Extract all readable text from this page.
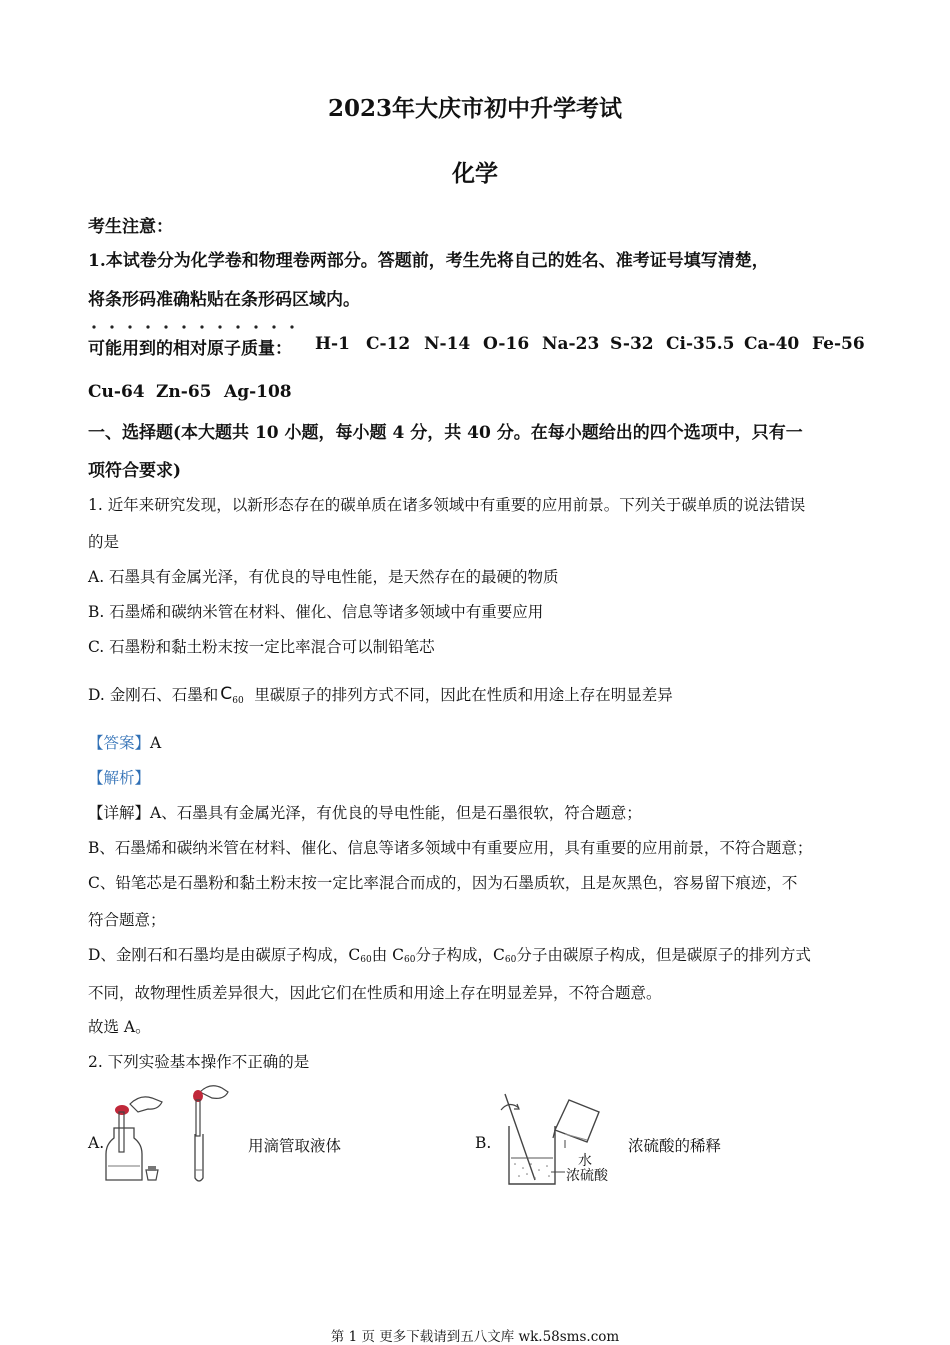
2023年大庆市初中升学考试
化学
考生注意：
1.本试卷分为化学卷和物理卷两部分。答题前，考生先将自己的姓名、准考证号填写清楚，
将条形码准确粘贴在条形码区域内。
可能用到的相对原子质量： H-1 C-12 N-14 O-16 Na-23 S-32 Ci-35.5 Ca-40 Fe-56
Cu-64 Zn-65 Ag-108
一、选择题(本大题共 10 小题，每小题 4 分，共 40 分。在每小题给出的四个选项中，只有一
项符合要求)
1. 近年来研究发现，以新形态存在的碳单质在诸多领域中有重要的应用前景。下列关于碳单质的说法错误
的是
A. 石墨具有金属光泽，有优良的导电性能，是天然存在的最硬的物质
B. 石墨烯和碳纳米管在材料、催化、信息等诸多领域中有重要应用
C. 石墨粉和黏土粉末按一定比率混合可以制铅笔芯
D. 金刚石、石墨和 C 60 里碳原子的排列方式不同，因此在性质和用途上存在明显差异
【答案】A
【解析】
【详解】A、石墨具有金属光泽，有优良的导电性能，但是石墨很软，符合题意；
B、石墨烯和碳纳米管在材料、催化、信息等诸多领域中有重要应用，具有重要的应用前景，不符合题意；
C、铅笔芯是石墨粉和黏土粉末按一定比率混合而成的，因为石墨质软，且是灰黑色，容易留下痕迹，不
符合题意；
D、金刚石和石墨均是由碳原子构成，$C_{60}$由 $C_{60}$分子构成，$C_{60}$分子由碳原子构成，但是碳原子的排列方式
不同，故物理性质差异很大，因此它们在性质和用途上存在明显差异，不符合题意。
故选 A。
2. 下列实验基本操作不正确的是
A.	用滴管取液体	B.
水
浓硫酸
浓硫酸的稀释
第 1 页 更多下载请到五八文库 wk.58sms.com
